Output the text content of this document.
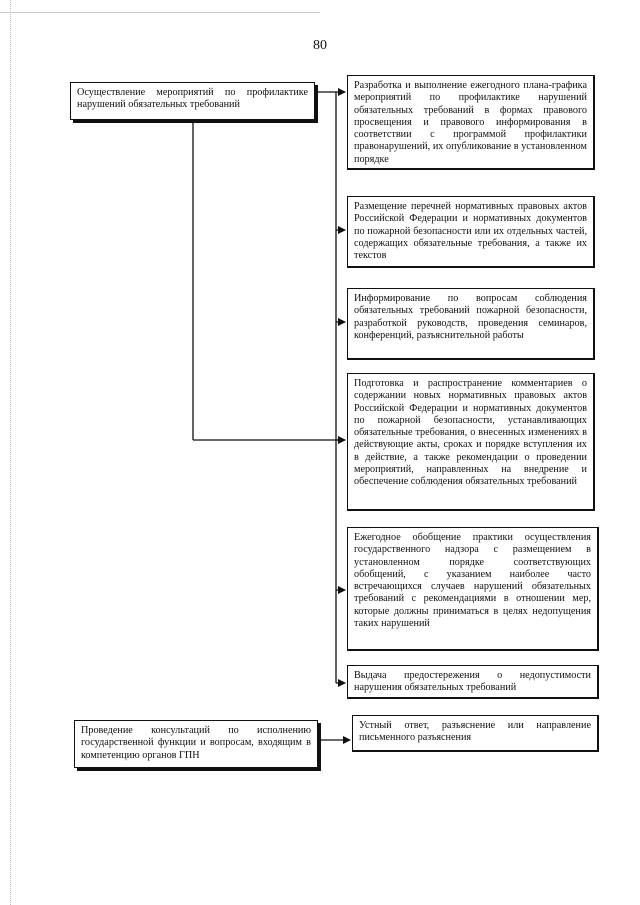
80
Осуществление мероприятий по профилактике нарушений обязательных требований
Проведение консультаций по исполнению государственной функции и вопросам, входящим в компетенцию органов ГПН
Разработка и выполнение ежегодного плана-графика мероприятий по профилактике нарушений обязательных требований в формах правового просвещения и правового информирования в соответствии с программой профилактики правонарушений, их опубликование в установленном порядке
Размещение перечней нормативных правовых актов Российской Федерации и нормативных документов по пожарной безопасности или их отдельных частей, содержащих обязательные требования, а также их текстов
Информирование по вопросам соблюдения обязательных требований пожарной безопасности, разработкой руководств, проведения семинаров, конференций, разъяснительной работы
Подготовка и распространение комментариев о содержании новых нормативных правовых актов Российской Федерации и нормативных документов по пожарной безопасности, устанавливающих обязательные требования, о внесенных изменениях в действующие акты, сроках и порядке вступления их в действие, а также рекомендации о проведении мероприятий, направленных на внедрение и обеспечение соблюдения обязательных требований
Ежегодное обобщение практики осуществления государственного надзора с размещением в установленном порядке соответствующих обобщений, с указанием наиболее часто встречающихся случаев нарушений обязательных требований с рекомендациями в отношении мер, которые должны приниматься в целях недопущения таких нарушений
Выдача предостережения о недопустимости нарушения обязательных требований
Устный ответ, разъяснение или направление письменного разъяснения
